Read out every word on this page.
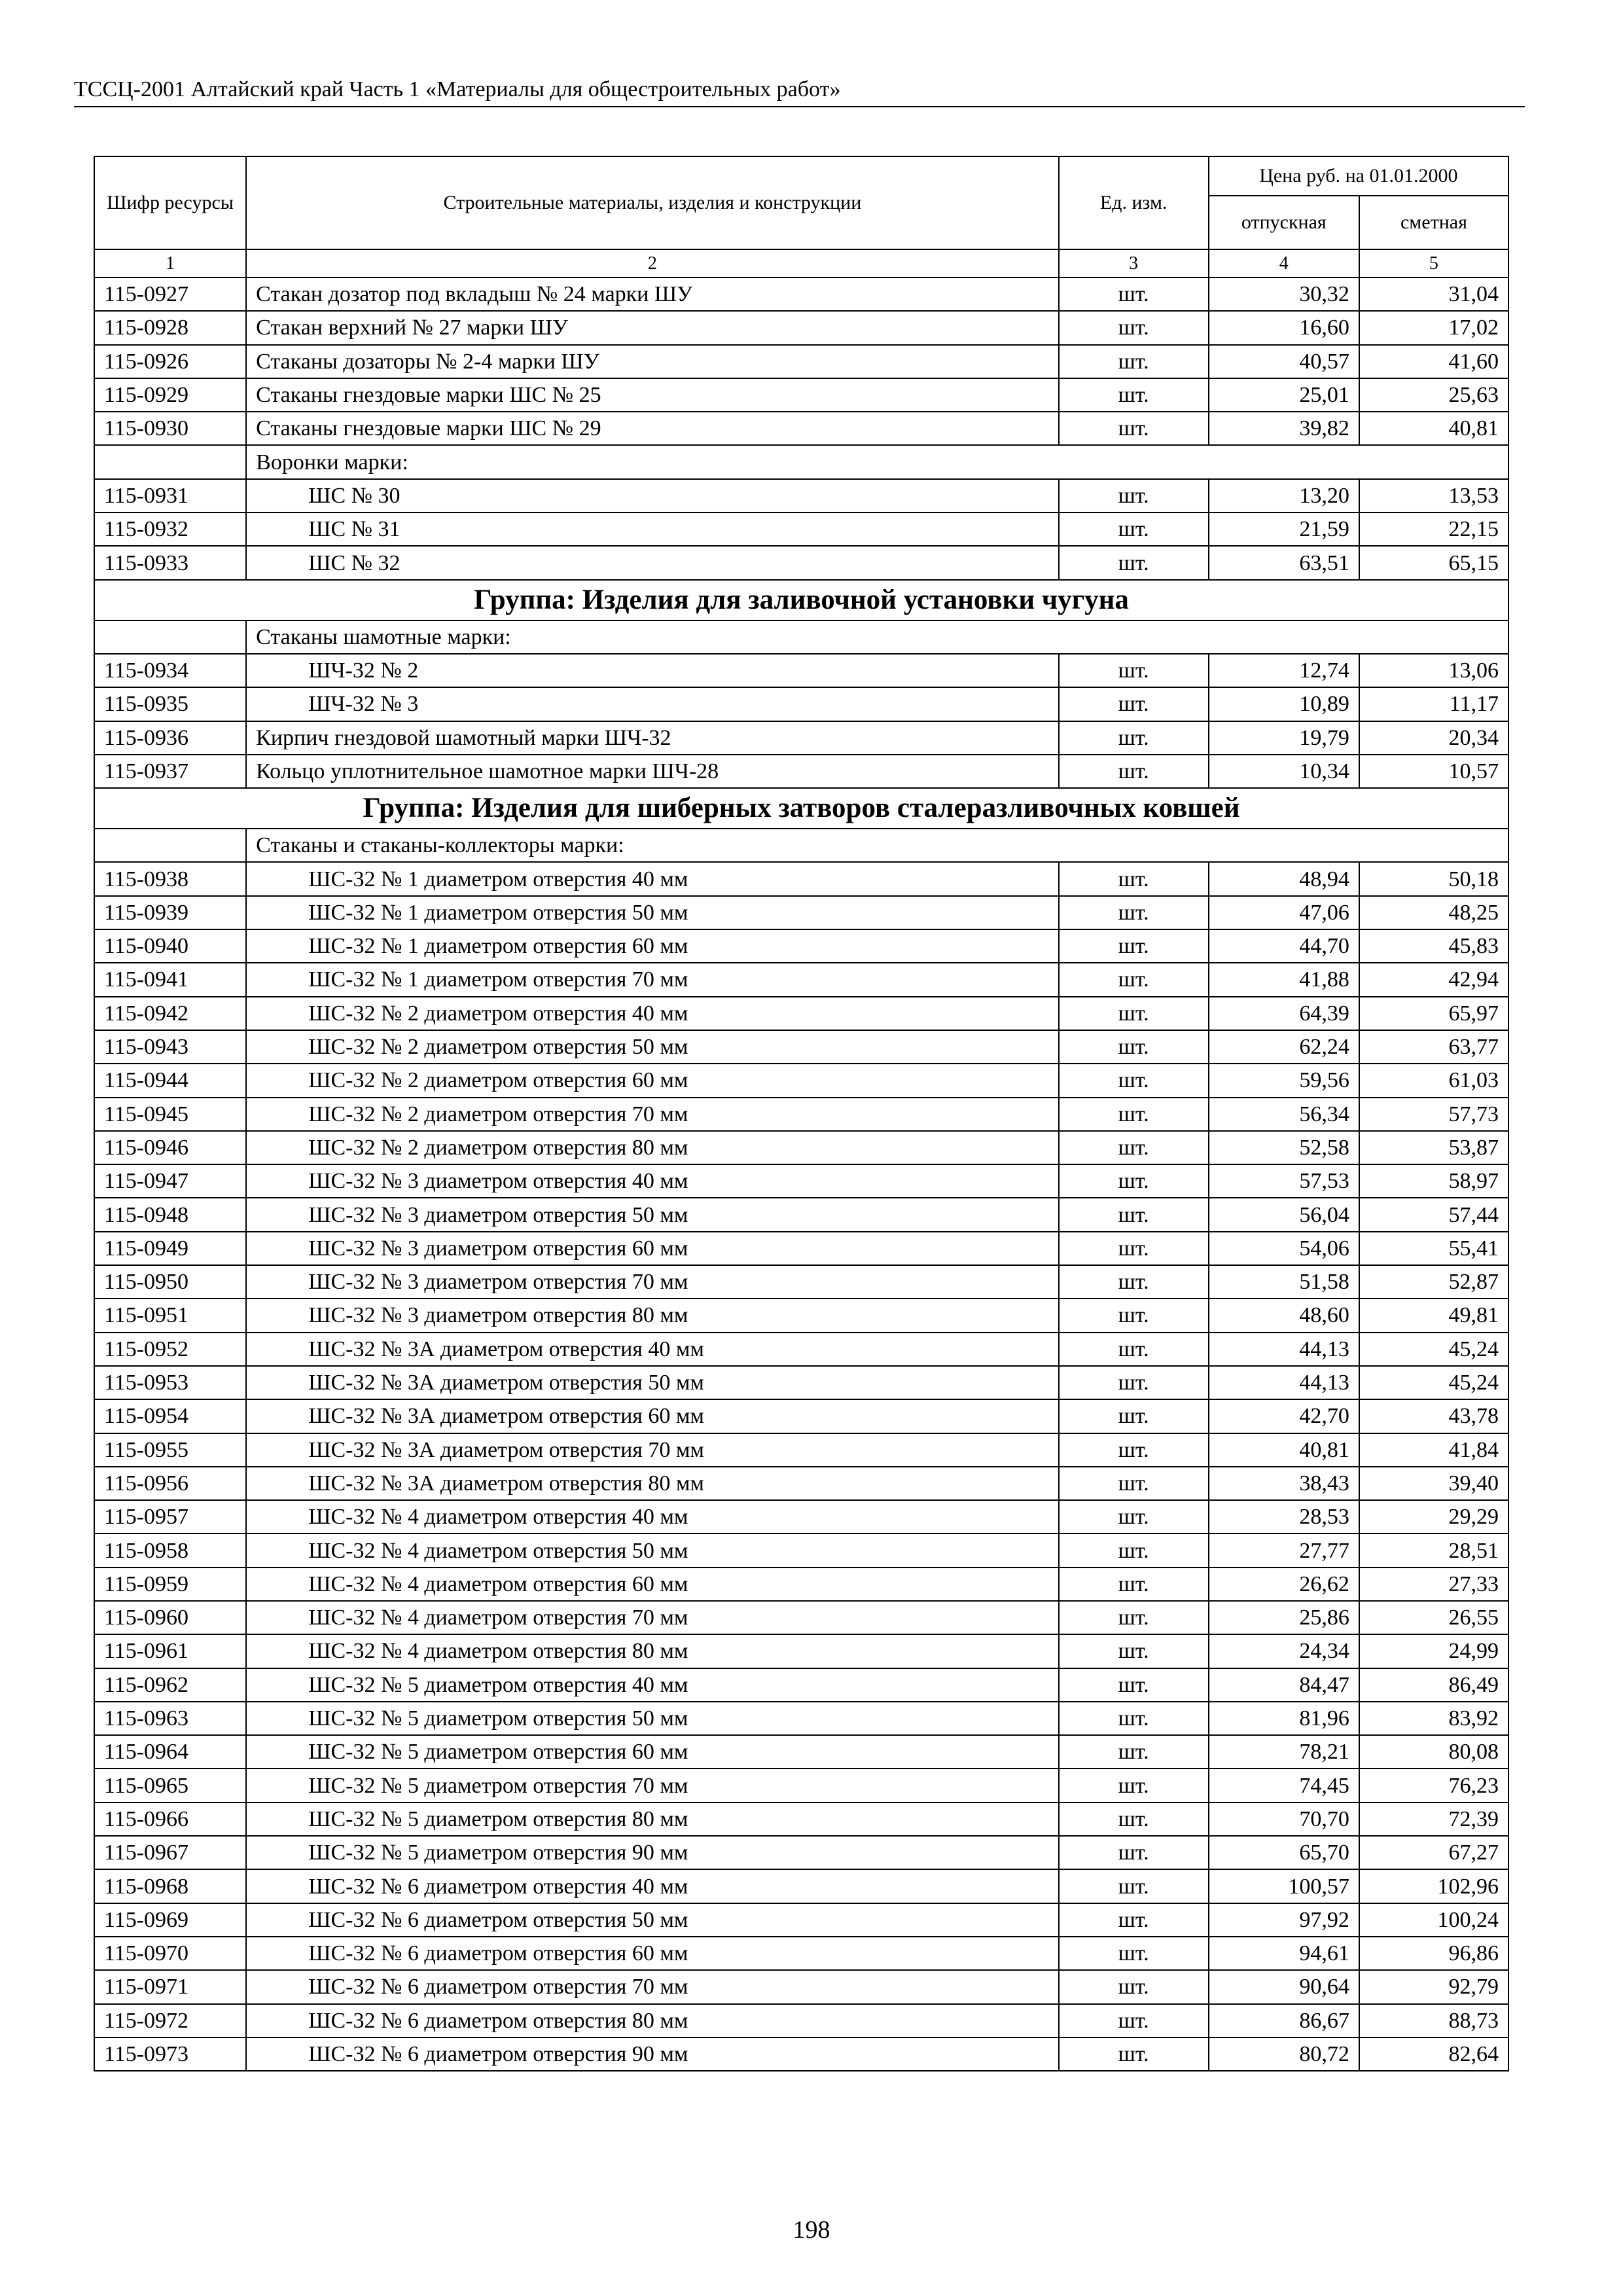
ТССЦ-2001 Алтайский край Часть 1 «Материалы для общестроительных работ»
Шифр ресурсы	Строительные материалы, изделия и конструкции	Ед. изм.	Цена руб. на 01.01.2000	
			отпускная	сметная
1	2	3	4	5
115-0927	Стакан дозатор под вкладыш № 24 марки ШУ	шт.	30,32	31,04
115-0928	Стакан верхний № 27 марки ШУ	шт.	16,60	17,02
115-0926	Стаканы дозаторы № 2-4 марки ШУ	шт.	40,57	41,60
115-0929	Стаканы гнездовые марки ШС № 25	шт.	25,01	25,63
115-0930	Стаканы гнездовые марки ШС № 29	шт.	39,82	40,81
	Воронки марки:			
115-0931	ШС № 30	шт.	13,20	13,53
115-0932	ШС № 31	шт.	21,59	22,15
115-0933	ШС № 32	шт.	63,51	65,15
Группа: Изделия для заливочной установки чугуна				
	Стаканы шамотные марки:			
115-0934	ШЧ-32 № 2	шт.	12,74	13,06
115-0935	ШЧ-32 № 3	шт.	10,89	11,17
115-0936	Кирпич гнездовой шамотный марки ШЧ-32	шт.	19,79	20,34
115-0937	Кольцо уплотнительное шамотное марки ШЧ-28	шт.	10,34	10,57
Группа: Изделия для шиберных затворов сталеразливочных ковшей				
	Стаканы и стаканы-коллекторы марки:			
115-0938	ШС-32 № 1 диаметром отверстия 40 мм	шт.	48,94	50,18
115-0939	ШС-32 № 1 диаметром отверстия 50 мм	шт.	47,06	48,25
115-0940	ШС-32 № 1 диаметром отверстия 60 мм	шт.	44,70	45,83
115-0941	ШС-32 № 1 диаметром отверстия 70 мм	шт.	41,88	42,94
115-0942	ШС-32 № 2 диаметром отверстия 40 мм	шт.	64,39	65,97
115-0943	ШС-32 № 2 диаметром отверстия 50 мм	шт.	62,24	63,77
115-0944	ШС-32 № 2 диаметром отверстия 60 мм	шт.	59,56	61,03
115-0945	ШС-32 № 2 диаметром отверстия 70 мм	шт.	56,34	57,73
115-0946	ШС-32 № 2 диаметром отверстия 80 мм	шт.	52,58	53,87
115-0947	ШС-32 № 3 диаметром отверстия 40 мм	шт.	57,53	58,97
115-0948	ШС-32 № 3 диаметром отверстия 50 мм	шт.	56,04	57,44
115-0949	ШС-32 № 3 диаметром отверстия 60 мм	шт.	54,06	55,41
115-0950	ШС-32 № 3 диаметром отверстия 70 мм	шт.	51,58	52,87
115-0951	ШС-32 № 3 диаметром отверстия 80 мм	шт.	48,60	49,81
115-0952	ШС-32 № 3А диаметром отверстия 40 мм	шт.	44,13	45,24
115-0953	ШС-32 № 3А диаметром отверстия 50 мм	шт.	44,13	45,24
115-0954	ШС-32 № 3А диаметром отверстия 60 мм	шт.	42,70	43,78
115-0955	ШС-32 № 3А диаметром отверстия 70 мм	шт.	40,81	41,84
115-0956	ШС-32 № 3А диаметром отверстия 80 мм	шт.	38,43	39,40
115-0957	ШС-32 № 4 диаметром отверстия 40 мм	шт.	28,53	29,29
115-0958	ШС-32 № 4 диаметром отверстия 50 мм	шт.	27,77	28,51
115-0959	ШС-32 № 4 диаметром отверстия 60 мм	шт.	26,62	27,33
115-0960	ШС-32 № 4 диаметром отверстия 70 мм	шт.	25,86	26,55
115-0961	ШС-32 № 4 диаметром отверстия 80 мм	шт.	24,34	24,99
115-0962	ШС-32 № 5 диаметром отверстия 40 мм	шт.	84,47	86,49
115-0963	ШС-32 № 5 диаметром отверстия 50 мм	шт.	81,96	83,92
115-0964	ШС-32 № 5 диаметром отверстия 60 мм	шт.	78,21	80,08
115-0965	ШС-32 № 5 диаметром отверстия 70 мм	шт.	74,45	76,23
115-0966	ШС-32 № 5 диаметром отверстия 80 мм	шт.	70,70	72,39
115-0967	ШС-32 № 5 диаметром отверстия 90 мм	шт.	65,70	67,27
115-0968	ШС-32 № 6 диаметром отверстия 40 мм	шт.	100,57	102,96
115-0969	ШС-32 № 6 диаметром отверстия 50 мм	шт.	97,92	100,24
115-0970	ШС-32 № 6 диаметром отверстия 60 мм	шт.	94,61	96,86
115-0971	ШС-32 № 6 диаметром отверстия 70 мм	шт.	90,64	92,79
115-0972	ШС-32 № 6 диаметром отверстия 80 мм	шт.	86,67	88,73
115-0973	ШС-32 № 6 диаметром отверстия 90 мм	шт.	80,72	82,64
198
